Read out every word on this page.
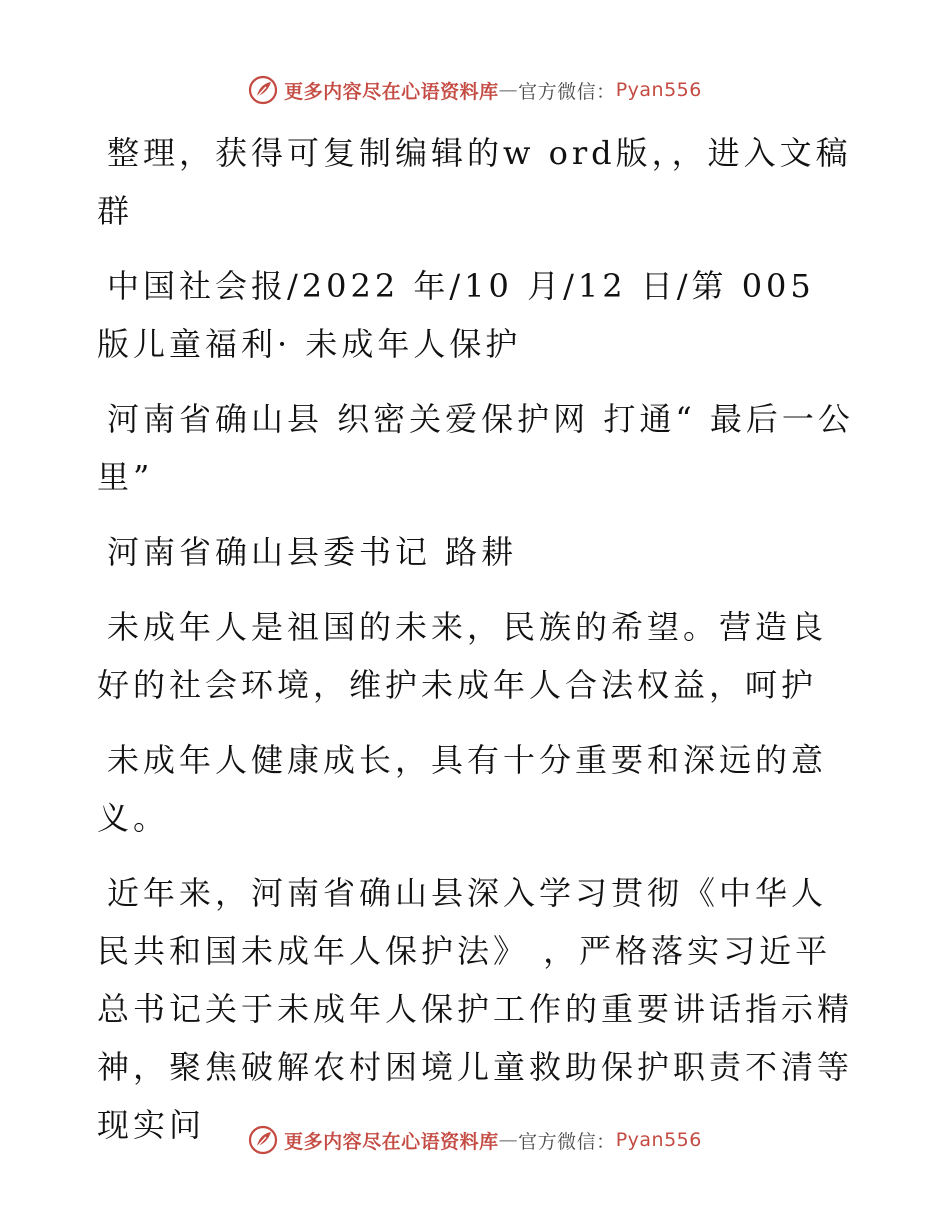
更多内容尽在心语资料库 — 官方微信： Pyan556

整理，获得可复制编辑的w ord版，，进入文稿群

中国社会报/2022 年/10 月/12 日/第 005 版儿童福利· 未成年人保护

河南省确山县 织密关爱保护网 打通“ 最后一公里”

河南省确山县委书记 路耕

未成年人是祖国的未来，民族的希望。营造良好的社会环境，维护未成年人合法权益，呵护

未成年人健康成长，具有十分重要和深远的意义。

近年来，河南省确山县深入学习贯彻《中华人民共和国未成年人保护法》 ，严格落实习近平总书记关于未成年人保护工作的重要讲话指示精神，聚焦破解农村困境儿童救助保护职责不清等现实问	更多内容尽在心语资料库 — 官方微信： Pyan556
